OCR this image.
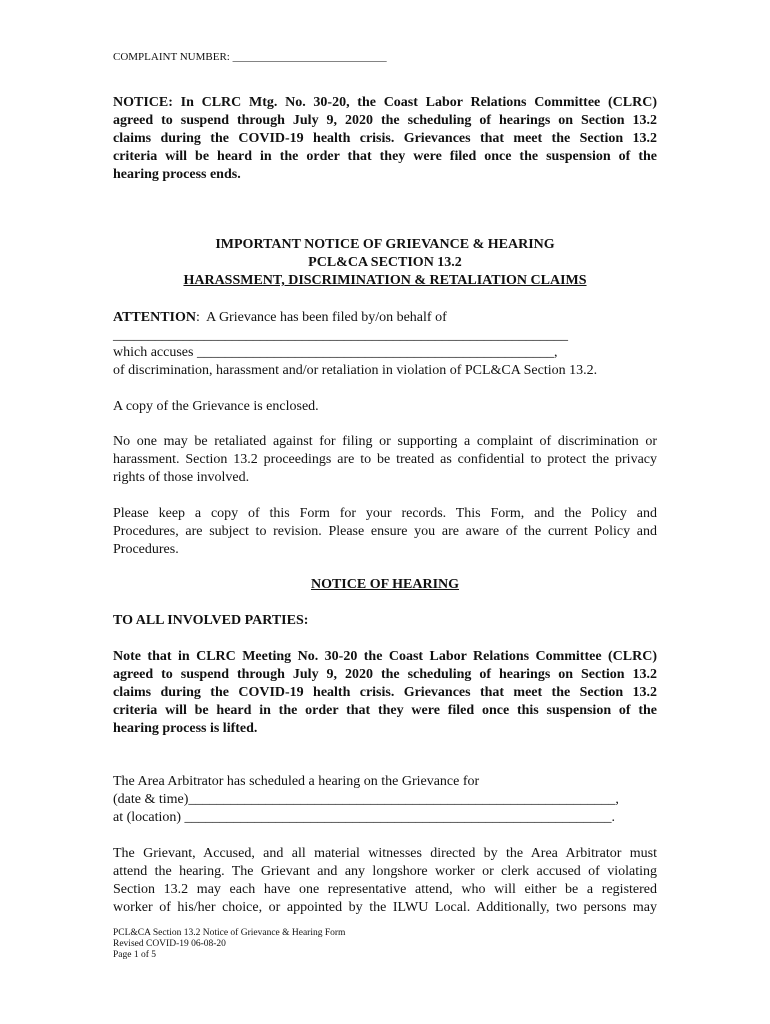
COMPLAINT NUMBER: ____________________________
NOTICE: In CLRC Mtg. No. 30-20, the Coast Labor Relations Committee (CLRC)
agreed to suspend through July 9, 2020 the scheduling of hearings on Section 13.2
claims during the COVID-19 health crisis. Grievances that meet the Section 13.2
criteria will be heard in the order that they were filed once the suspension of the
hearing process ends.
IMPORTANT NOTICE OF GRIEVANCE & HEARING
PCL&CA SECTION 13.2
HARASSMENT, DISCRIMINATION & RETALIATION CLAIMS
ATTENTION:  A Grievance has been filed by/on behalf of
_________________________________________________________________
which accuses ___________________________________________________,
of discrimination, harassment and/or retaliation in violation of PCL&CA Section 13.2.
A copy of the Grievance is enclosed.
No one may be retaliated against for filing or supporting a complaint of discrimination or
harassment. Section 13.2 proceedings are to be treated as confidential to protect the privacy
rights of those involved.
Please keep a copy of this Form for your records. This Form, and the Policy and
Procedures, are subject to revision. Please ensure you are aware of the current Policy and
Procedures.
NOTICE OF HEARING
TO ALL INVOLVED PARTIES:
Note that in CLRC Meeting No. 30-20 the Coast Labor Relations Committee (CLRC)
agreed to suspend through July 9, 2020 the scheduling of hearings on Section 13.2
claims during the COVID-19 health crisis. Grievances that meet the Section 13.2
criteria will be heard in the order that they were filed once this suspension of the
hearing process is lifted.
The Area Arbitrator has scheduled a hearing on the Grievance for
(date & time)_____________________________________________________________,
at (location) _____________________________________________________________.
The Grievant, Accused, and all material witnesses directed by the Area Arbitrator must
attend the hearing. The Grievant and any longshore worker or clerk accused of violating
Section 13.2 may each have one representative attend, who will either be a registered
worker of his/her choice, or appointed by the ILWU Local. Additionally, two persons may
PCL&CA Section 13.2 Notice of Grievance & Hearing Form
Revised COVID-19 06-08-20
Page 1 of 5
